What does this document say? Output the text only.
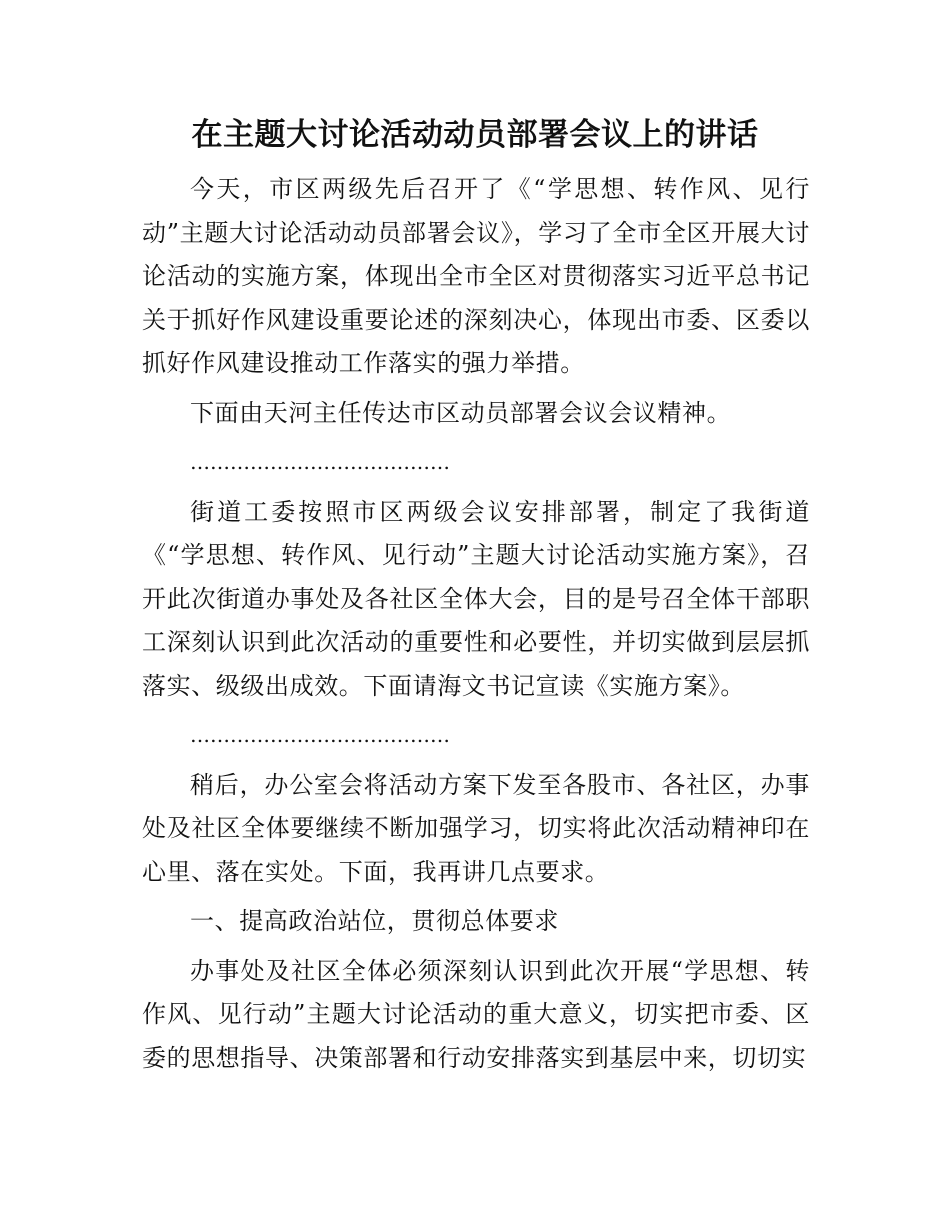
在主题大讨论活动动员部署会议上的讲话

今天，市区两级先后召开了《“学思想、转作风、见行动”主题大讨论活动动员部署会议》，学习了全市全区开展大讨论活动的实施方案，体现出全市全区对贯彻落实习近平总书记关于抓好作风建设重要论述的深刻决心，体现出市委、区委以抓好作风建设推动工作落实的强力举措。

下面由天河主任传达市区动员部署会议会议精神。

…………………………………

街道工委按照市区两级会议安排部署，制定了我街道《“学思想、转作风、见行动”主题大讨论活动实施方案》，召开此次街道办事处及各社区全体大会，目的是号召全体干部职工深刻认识到此次活动的重要性和必要性，并切实做到层层抓落实、级级出成效。下面请海文书记宣读《实施方案》。

…………………………………

稍后，办公室会将活动方案下发至各股市、各社区，办事处及社区全体要继续不断加强学习，切实将此次活动精神印在心里、落在实处。下面，我再讲几点要求。

一、提高政治站位，贯彻总体要求

办事处及社区全体必须深刻认识到此次开展“学思想、转作风、见行动”主题大讨论活动的重大意义，切实把市委、区委的思想指导、决策部署和行动安排落实到基层中来，切切实
